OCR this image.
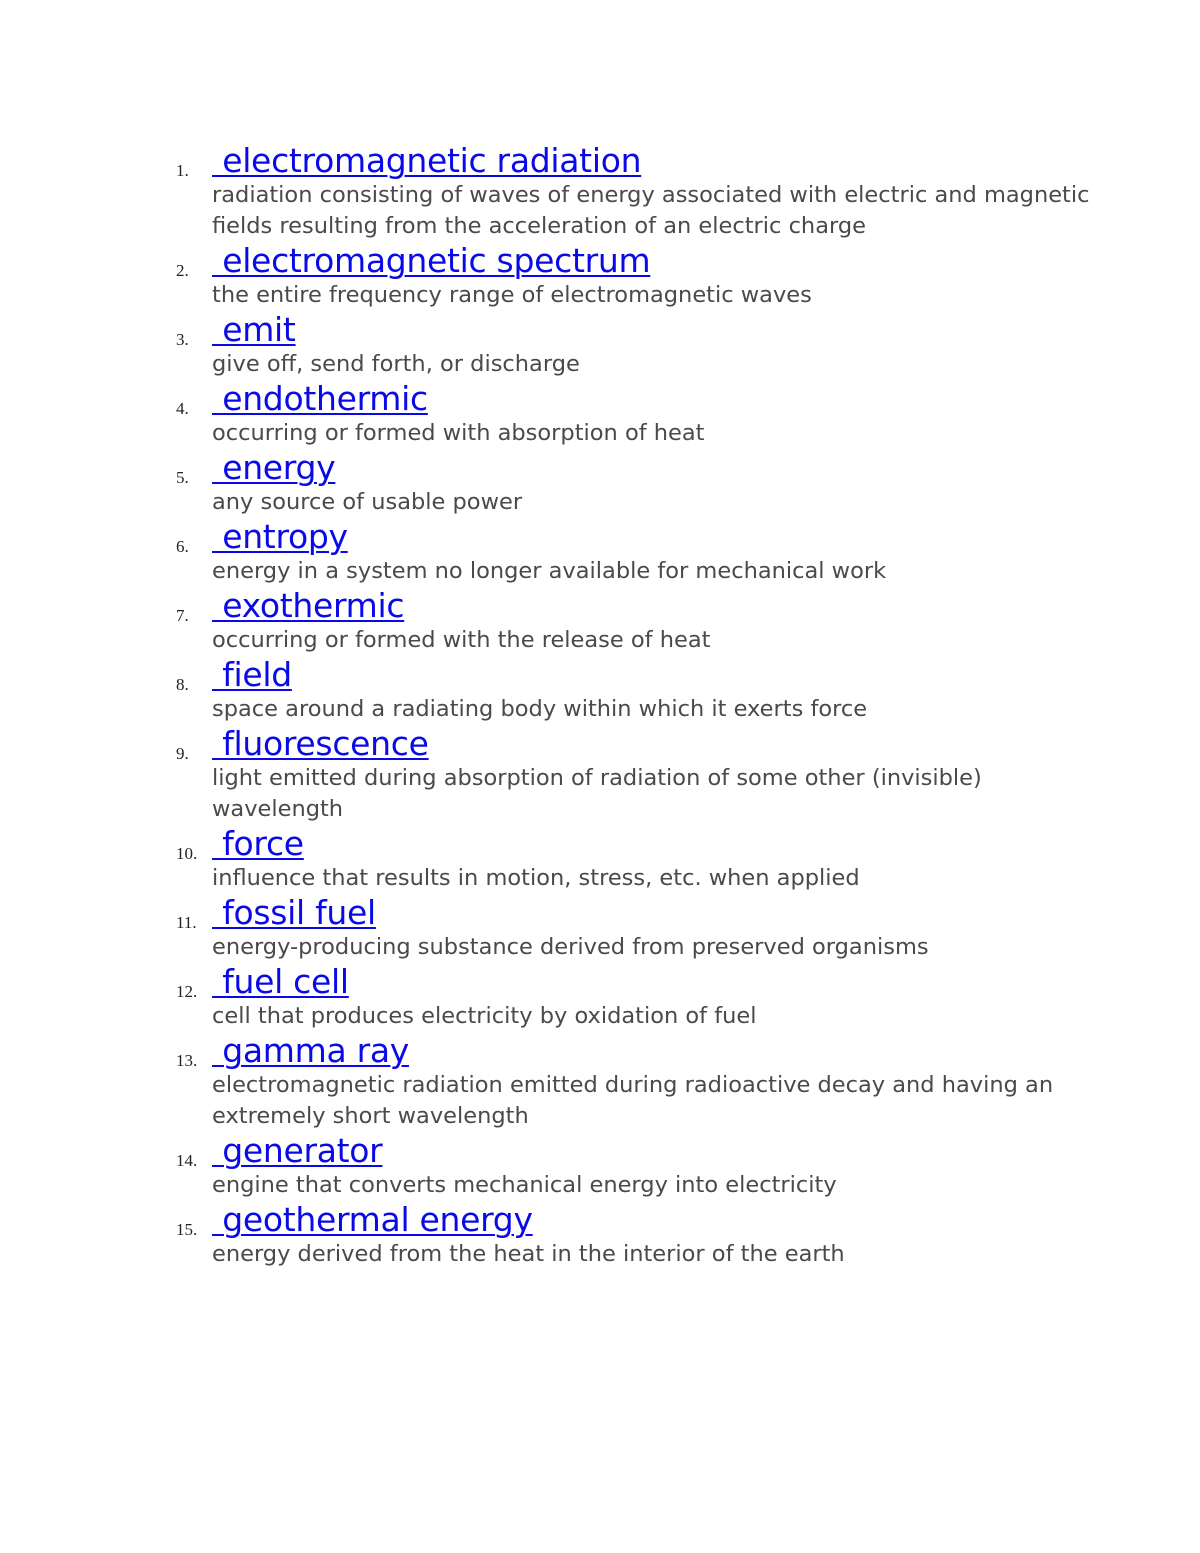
1. electromagnetic radiation

radiation consisting of waves of energy associated with electric and magnetic fields resulting from the acceleration of an electric charge

2. electromagnetic spectrum

the entire frequency range of electromagnetic waves

3. emit

give off, send forth, or discharge

4. endothermic

occurring or formed with absorption of heat

5. energy

any source of usable power

6. entropy

energy in a system no longer available for mechanical work

7. exothermic

occurring or formed with the release of heat

8. field

space around a radiating body within which it exerts force

9. fluorescence

light emitted during absorption of radiation of some other (invisible) wavelength

10. force

influence that results in motion, stress, etc. when applied

11. fossil fuel

energy-producing substance derived from preserved organisms

12. fuel cell

cell that produces electricity by oxidation of fuel

13. gamma ray

electromagnetic radiation emitted during radioactive decay and having an extremely short wavelength

14. generator

engine that converts mechanical energy into electricity

15. geothermal energy

energy derived from the heat in the interior of the earth
